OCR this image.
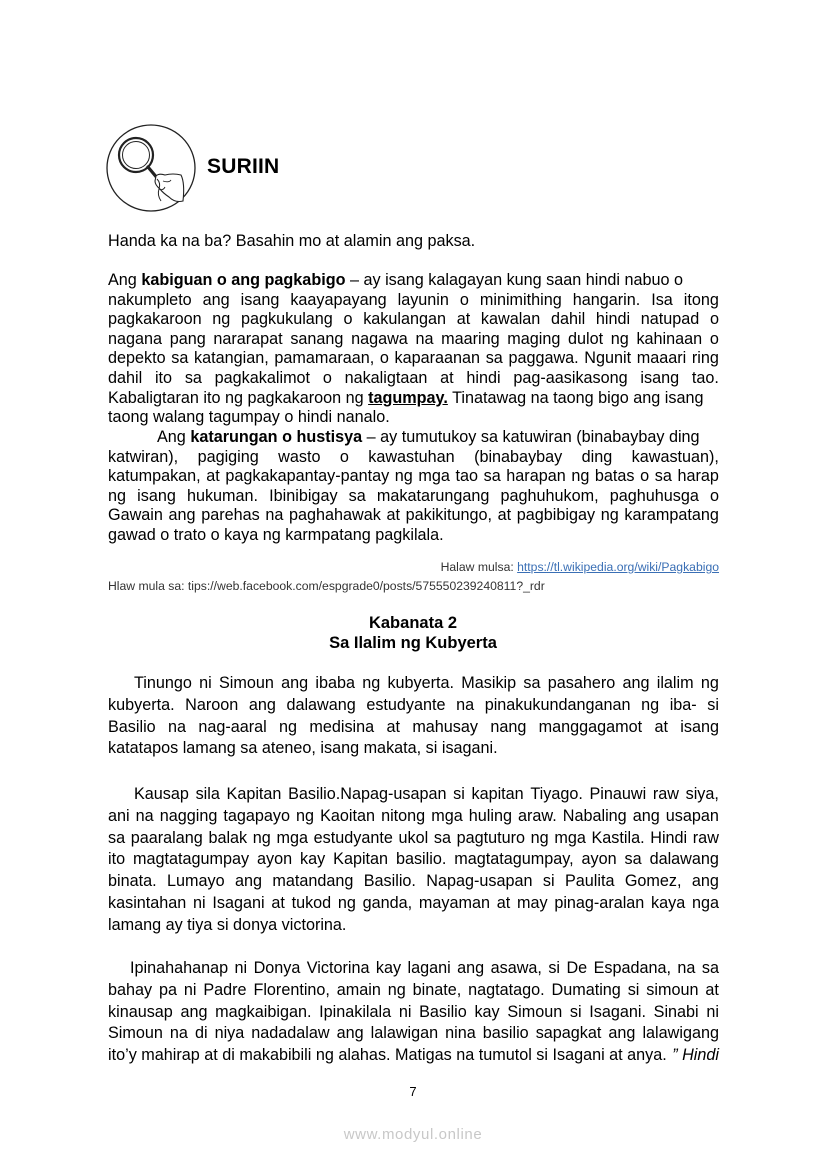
SURIIN
Handa ka na ba? Basahin mo at alamin ang paksa.
Ang kabiguan o ang pagkabigo – ay isang kalagayan kung saan hindi nabuo o
nakumpleto ang isang kaayapayang layunin o minimithing hangarin. Isa itong
pagkakaroon ng pagkukulang o kakulangan at kawalan dahil hindi natupad o
nagana pang nararapat sanang nagawa na maaring maging dulot ng kahinaan o
depekto sa katangian, pamamaraan, o kaparaanan sa paggawa. Ngunit maaari ring
dahil ito sa pagkakalimot o nakaligtaan at hindi pag-aasikasong isang tao.
Kabaligtaran ito ng pagkakaroon ng tagumpay. Tinatawag na taong bigo ang isang
taong walang tagumpay o hindi nanalo.
Ang katarungan o hustisya – ay tumutukoy sa katuwiran (binabaybay ding
katwiran), pagiging wasto o kawastuhan (binabaybay ding kawastuan),
katumpakan, at pagkakapantay-pantay ng mga tao sa harapan ng batas o sa harap
ng isang hukuman. Ibinibigay sa makatarungang paghuhukom, paghuhusga o
Gawain ang parehas na paghahawak at pakikitungo, at pagbibigay ng karampatang
gawad o trato o kaya ng karmpatang pagkilala.
Halaw mulsa: https://tl.wikipedia.org/wiki/Pagkabigo
Hlaw mula sa: tips://web.facebook.com/espgrade0/posts/575550239240811?_rdr
Kabanata 2
Sa Ilalim ng Kubyerta
Tinungo ni Simoun ang ibaba ng kubyerta. Masikip sa pasahero ang ilalim ng
kubyerta. Naroon ang dalawang estudyante na pinakukundanganan ng iba- si
Basilio na nag-aaral ng medisina at mahusay nang manggagamot at isang
katatapos lamang sa ateneo, isang makata, si isagani.
Kausap sila Kapitan Basilio.Napag-usapan si kapitan Tiyago. Pinauwi raw siya,
ani na nagging tagapayo ng Kaoitan nitong mga huling araw. Nabaling ang usapan
sa paaralang balak ng mga estudyante ukol sa pagtuturo ng mga Kastila. Hindi raw
ito magtatagumpay ayon kay Kapitan basilio. magtatagumpay, ayon sa dalawang
binata. Lumayo ang matandang Basilio. Napag-usapan si Paulita Gomez, ang
kasintahan ni Isagani at tukod ng ganda, mayaman at may pinag-aralan kaya nga
lamang ay tiya si donya victorina.
Ipinahahanap ni Donya Victorina kay lagani ang asawa, si De Espadana, na sa
bahay pa ni Padre Florentino, amain ng binate, nagtatago. Dumating si simoun at
kinausap ang magkaibigan. Ipinakilala ni Basilio kay Simoun si Isagani. Sinabi ni
Simoun na di niya nadadalaw ang lalawigan nina basilio sapagkat ang lalawigang
ito’y mahirap at di makabibili ng alahas. Matigas na tumutol si Isagani at anya. ” Hindi
7
www.modyul.online
